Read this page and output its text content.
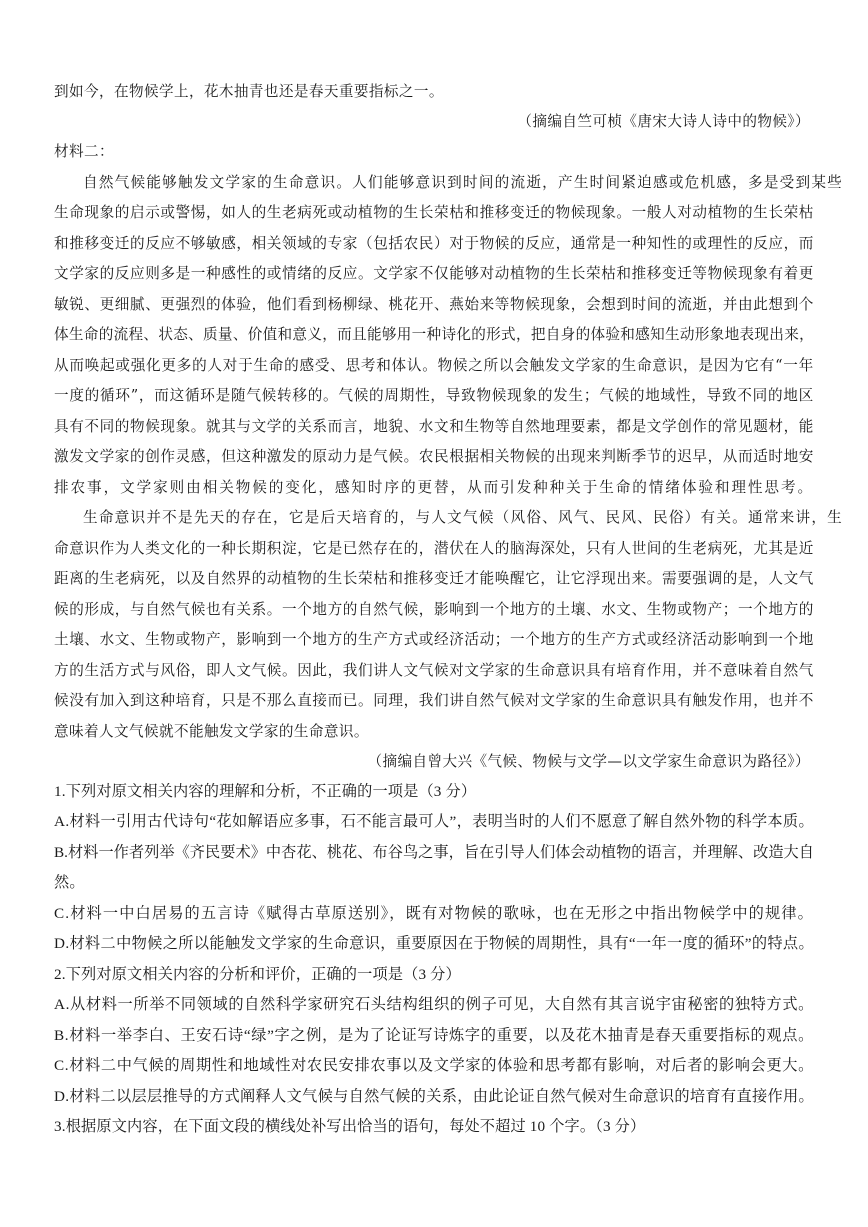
到如今，在物候学上，花木抽青也还是春天重要指标之一。
（摘编自竺可桢《唐宋大诗人诗中的物候》）
材料二：
自然气候能够触发文学家的生命意识。人们能够意识到时间的流逝，产生时间紧迫感或危机感，多是受到某些
生命现象的启示或警惕，如人的生老病死或动植物的生长荣枯和推移变迁的物候现象。一般人对动植物的生长荣枯
和推移变迁的反应不够敏感，相关领域的专家（包括农民）对于物候的反应，通常是一种知性的或理性的反应，而
文学家的反应则多是一种感性的或情绪的反应。文学家不仅能够对动植物的生长荣枯和推移变迁等物候现象有着更
敏锐、更细腻、更强烈的体验，他们看到杨柳绿、桃花开、燕始来等物候现象，会想到时间的流逝，并由此想到个
体生命的流程、状态、质量、价值和意义，而且能够用一种诗化的形式，把自身的体验和感知生动形象地表现出来，
从而唤起或强化更多的人对于生命的感受、思考和体认。物候之所以会触发文学家的生命意识，是因为它有“一年
一度的循环”，而这循环是随气候转移的。气候的周期性，导致物候现象的发生；气候的地域性，导致不同的地区
具有不同的物候现象。就其与文学的关系而言，地貌、水文和生物等自然地理要素，都是文学创作的常见题材，能
激发文学家的创作灵感，但这种激发的原动力是气候。农民根据相关物候的出现来判断季节的迟早，从而适时地安
排农事，文学家则由相关物候的变化，感知时序的更替，从而引发种种关于生命的情绪体验和理性思考。
生命意识并不是先天的存在，它是后天培育的，与人文气候（风俗、风气、民风、民俗）有关。通常来讲，生
命意识作为人类文化的一种长期积淀，它是已然存在的，潜伏在人的脑海深处，只有人世间的生老病死，尤其是近
距离的生老病死，以及自然界的动植物的生长荣枯和推移变迁才能唤醒它，让它浮现出来。需要强调的是，人文气
候的形成，与自然气候也有关系。一个地方的自然气候，影响到一个地方的土壤、水文、生物或物产；一个地方的
土壤、水文、生物或物产，影响到一个地方的生产方式或经济活动；一个地方的生产方式或经济活动影响到一个地
方的生活方式与风俗，即人文气候。因此，我们讲人文气候对文学家的生命意识具有培育作用，并不意味着自然气
候没有加入到这种培育，只是不那么直接而已。同理，我们讲自然气候对文学家的生命意识具有触发作用，也并不
意味着人文气候就不能触发文学家的生命意识。
（摘编自曾大兴《气候、物候与文学—以文学家生命意识为路径》）
1.下列对原文相关内容的理解和分析，不正确的一项是（3 分）
A.材料一引用古代诗句“花如解语应多事，石不能言最可人”，表明当时的人们不愿意了解自然外物的科学本质。
B.材料一作者列举《齐民要术》中杏花、桃花、布谷鸟之事，旨在引导人们体会动植物的语言，并理解、改造大自
然。
C.材料一中白居易的五言诗《赋得古草原送别》，既有对物候的歌咏，也在无形之中指出物候学中的规律。
D.材料二中物候之所以能触发文学家的生命意识，重要原因在于物候的周期性，具有“一年一度的循环”的特点。
2.下列对原文相关内容的分析和评价，正确的一项是（3 分）
A.从材料一所举不同领域的自然科学家研究石头结构组织的例子可见，大自然有其言说宇宙秘密的独特方式。
B.材料一举李白、王安石诗“绿”字之例，是为了论证写诗炼字的重要，以及花木抽青是春天重要指标的观点。
C.材料二中气候的周期性和地域性对农民安排农事以及文学家的体验和思考都有影响，对后者的影响会更大。
D.材料二以层层推导的方式阐释人文气候与自然气候的关系，由此论证自然气候对生命意识的培育有直接作用。
3.根据原文内容，在下面文段的横线处补写出恰当的语句，每处不超过 10 个字。（3 分）
